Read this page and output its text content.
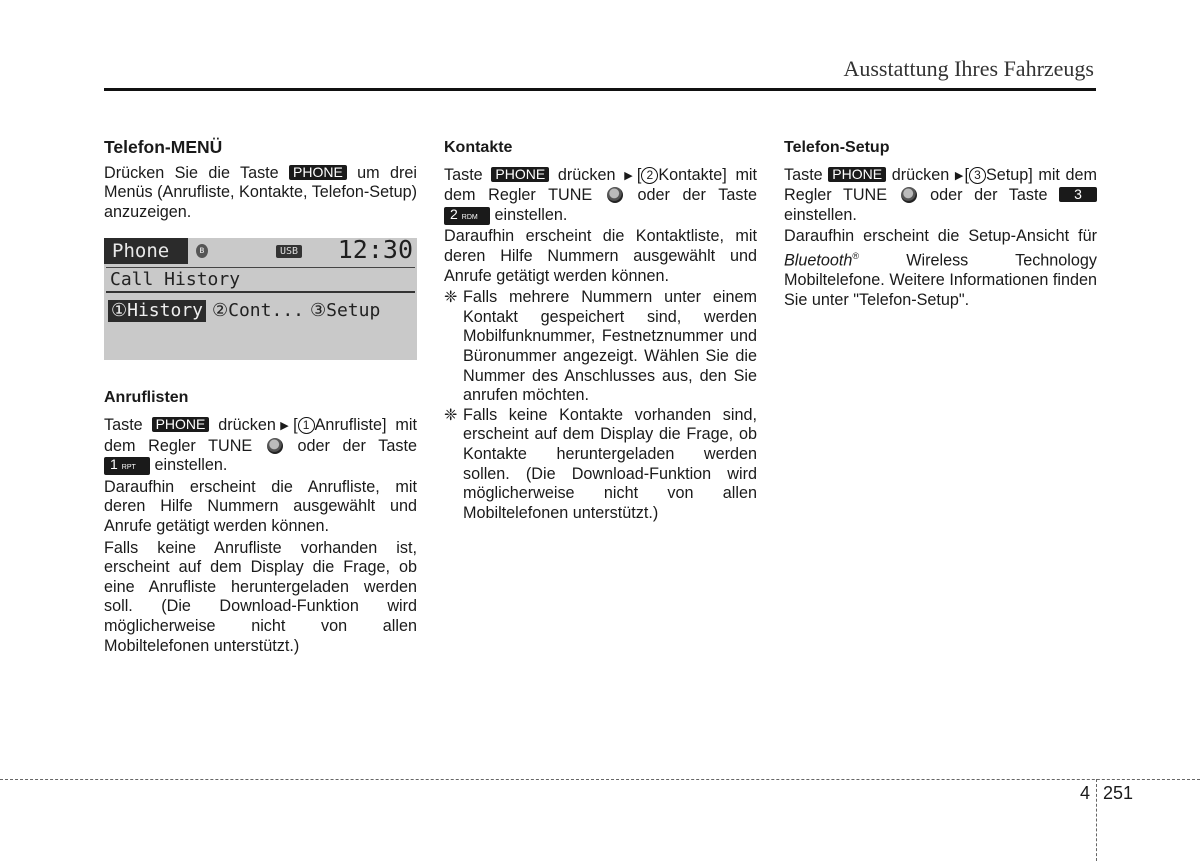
Ausstattung Ihres Fahrzeugs
Telefon-MENÜ

Drücken Sie die Taste PHONE um drei Menüs (Anrufliste, Kontakte, Telefon-Setup) anzuzeigen.

Phone	ʙ	USB 12:30
Call History
①History ②Cont... ③Setup
Anruflisten

Taste PHONE drücken▶[ 1 Anrufliste] mit dem Regler TUNE	oder der Taste 1 RPT einstellen.

Daraufhin erscheint die Anrufliste, mit deren Hilfe Nummern ausgewählt und Anrufe getätigt werden können.

Falls keine Anrufliste vorhanden ist, erscheint auf dem Display die Frage, ob eine Anrufliste heruntergeladen werden soll. (Die Download-Funktion wird möglicherweise nicht von allen Mobiltelefonen unterstützt.)

Kontakte

Taste PHONE drücken ▶[ 2 Kontakte] mit dem Regler TUNE	oder der Taste 2 RDM einstellen.

Daraufhin erscheint die Kontaktliste, mit deren Hilfe Nummern ausgewählt und Anrufe getätigt werden können.

❈ Falls mehrere Nummern unter einem Kontakt gespeichert sind, werden Mobilfunknummer, Festnetznummer und Büronummer angezeigt. Wählen Sie die Nummer des Anschlusses aus, den Sie anrufen möchten.
❈ Falls keine Kontakte vorhanden sind, erscheint auf dem Display die Frage, ob Kontakte heruntergeladen werden sollen. (Die Download-Funktion wird möglicherweise nicht von allen Mobiltelefonen unterstützt.)
Telefon-Setup

Taste PHONE drücken ▶[ 3 Setup] mit dem Regler TUNE	oder der Taste 3 einstellen.

Daraufhin erscheint die Setup-Ansicht für Bluetooth®	Wireless Technology Mobiltelefone. Weitere Informationen finden Sie unter "Telefon-Setup".

4 251
